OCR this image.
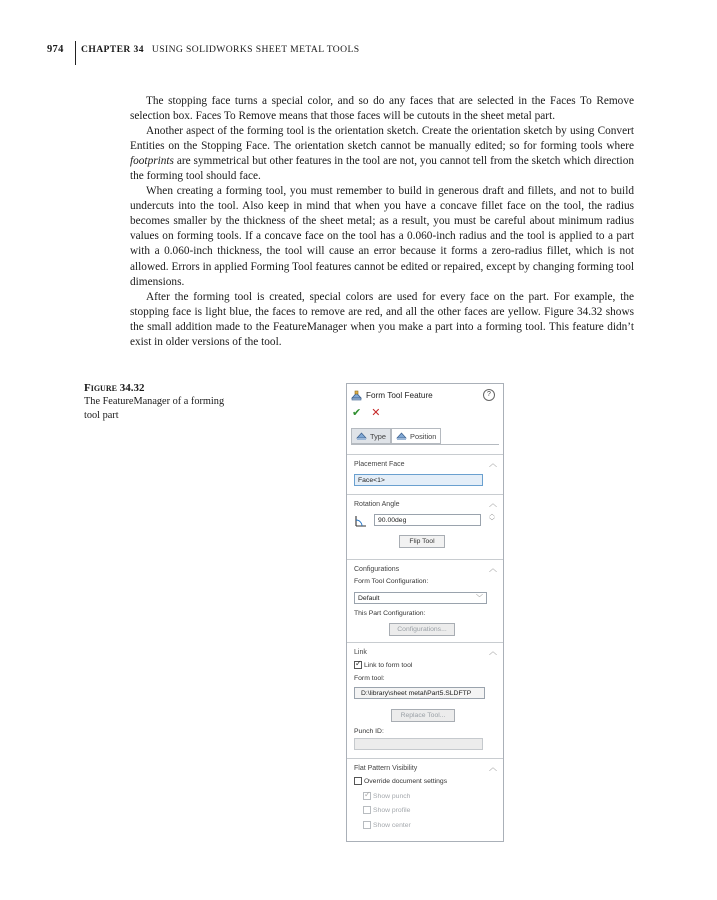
974	CHAPTER 34 USING SOLIDWORKS SHEET METAL TOOLS

The stopping face turns a special color, and so do any faces that are selected in the Faces To Remove selection box. Faces To Remove means that those faces will be cutouts in the sheet metal part.

Another aspect of the forming tool is the orientation sketch. Create the orientation sketch by using Convert Entities on the Stopping Face. The orientation sketch cannot be manually edited; so for forming tools where footprints are symmetrical but other features in the tool are not, you cannot tell from the sketch which direction the forming tool should face.

When creating a forming tool, you must remember to build in generous draft and fillets, and not to build undercuts into the tool. Also keep in mind that when you have a concave fillet face on the tool, the radius becomes smaller by the thickness of the sheet metal; as a result, you must be careful about minimum radius values on forming tools. If a concave face on the tool has a 0.060-inch radius and the tool is applied to a part with a 0.060-inch thickness, the tool will cause an error because it forms a zero-radius fillet, which is not allowed. Errors in applied Forming Tool features cannot be edited or repaired, except by changing forming tool dimensions.

After the forming tool is created, special colors are used for every face on the part. For example, the stopping face is light blue, the faces to remove are red, and all the other faces are yellow. Figure 34.32 shows the small addition made to the FeatureManager when you make a part into a forming tool. This feature didn’t exist in older versions of the tool.

Figure 34.32
The FeatureManager of a forming tool part
Form Tool Feature	?
✔ ✕
Type	Position
Placement Face	︿
Face<1>
Rotation Angle	︿
90.00deg
︿
﹀
Flip Tool
Configurations	︿
Form Tool Configuration:
Default	﹀
This Part Configuration:
Configurations...
Link	︿
✓ Link to form tool
Form tool:
D:\library\sheet metal\Part5.SLDFTP
Replace Tool...
Punch ID:
Flat Pattern Visibility	︿
Override document settings
✓ Show punch
Show profile
Show center
